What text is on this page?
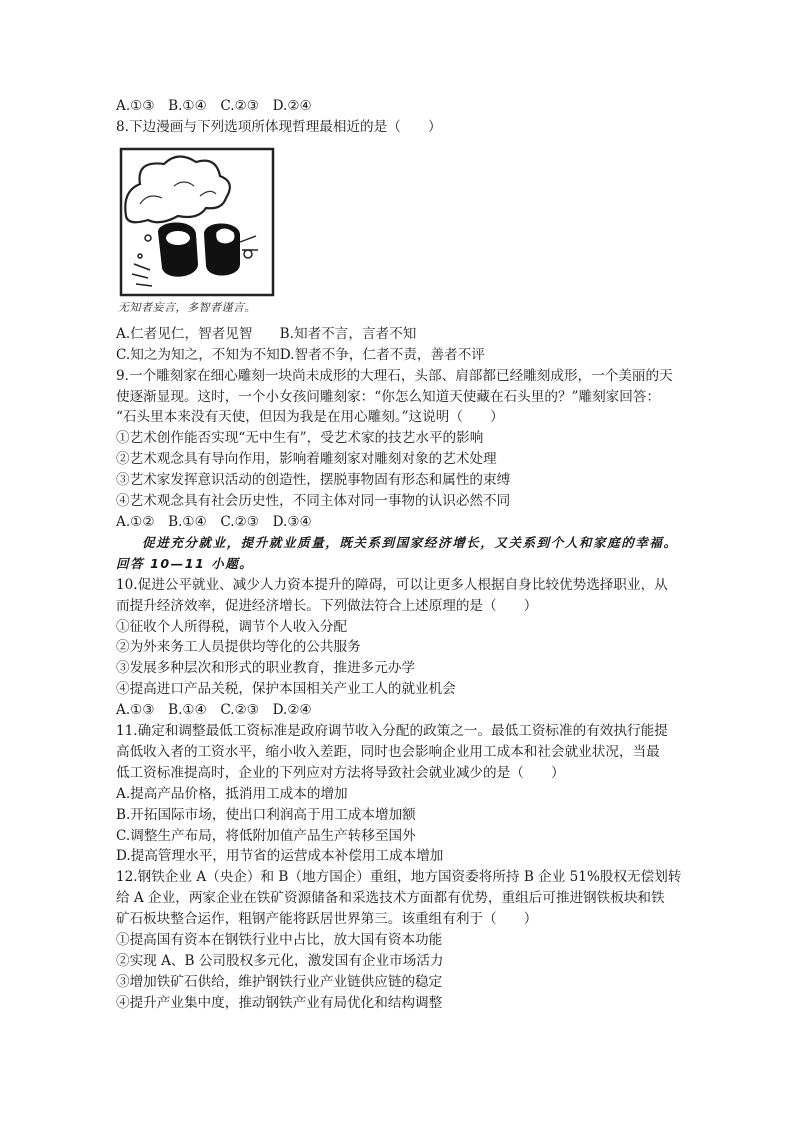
A.①③　B.①④　C.②③　D.②④
8.下边漫画与下列选项所体现哲理最相近的是（　　）
无知者妄言，多智者谨言。
A.仁者见仁，智者见智　　B.知者不言，言者不知
C.知之为知之，不知为不知D.智者不争，仁者不责，善者不评
9.一个雕刻家在细心雕刻一块尚未成形的大理石，头部、肩部都已经雕刻成形，一个美丽的天
使逐渐显现。这时，一个小女孩问雕刻家：“你怎么知道天使藏在石头里的？”雕刻家回答：
“石头里本来没有天使，但因为我是在用心雕刻。”这说明（　　）
①艺术创作能否实现“无中生有”，受艺术家的技艺水平的影响
②艺术观念具有导向作用，影响着雕刻家对雕刻对象的艺术处理
③艺术家发挥意识活动的创造性，摆脱事物固有形态和属性的束缚
④艺术观念具有社会历史性，不同主体对同一事物的认识必然不同
A.①②　B.①④　C.②③　D.③④
促进充分就业，提升就业质量，既关系到国家经济增长，又关系到个人和家庭的幸福。
回答 10—11 小题。
10.促进公平就业、减少人力资本提升的障碍，可以让更多人根据自身比较优势选择职业，从
而提升经济效率，促进经济增长。下列做法符合上述原理的是（　　）
①征收个人所得税，调节个人收入分配
②为外来务工人员提供均等化的公共服务
③发展多种层次和形式的职业教育，推进多元办学
④提高进口产品关税，保护本国相关产业工人的就业机会
A.①③　B.①④　C.②③　D.②④
11.确定和调整最低工资标准是政府调节收入分配的政策之一。最低工资标准的有效执行能提
高低收入者的工资水平，缩小收入差距，同时也会影响企业用工成本和社会就业状况，当最
低工资标准提高时，企业的下列应对方法将导致社会就业减少的是（　　）
A.提高产品价格，抵消用工成本的增加
B.开拓国际市场，使出口利润高于用工成本增加额
C.调整生产布局，将低附加值产品生产转移至国外
D.提高管理水平，用节省的运营成本补偿用工成本增加
12.钢铁企业 A（央企）和 B（地方国企）重组，地方国资委将所持 B 企业 51%股权无偿划转
给 A 企业，两家企业在铁矿资源储备和采选技术方面都有优势，重组后可推进钢铁板块和铁
矿石板块整合运作，粗钢产能将跃居世界第三。该重组有利于（　　）
①提高国有资本在钢铁行业中占比，放大国有资本功能
②实现 A、B 公司股权多元化，激发国有企业市场活力
③增加铁矿石供给，维护钢铁行业产业链供应链的稳定
④提升产业集中度，推动钢铁产业有局优化和结构调整
